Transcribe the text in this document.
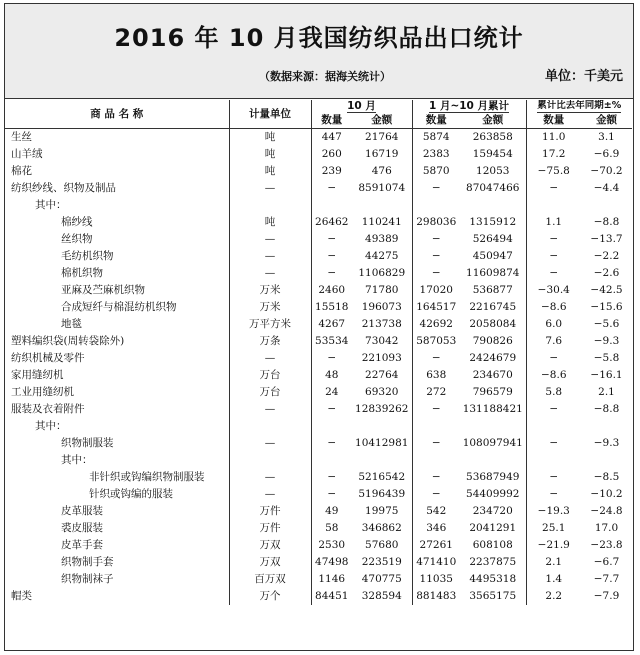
2016 年 10 月我国纺织品出口统计
（数据来源：据海关统计）	单位：千美元
商 品 名 称	计量单位	10 月		1 月~10 月累计		累计比去年同期±%	
		数量	金额	数量	金额	数量	金额
生丝	吨	447	21764	5874	263858	11.0	3.1
山羊绒	吨	260	16719	2383	159454	17.2	−6.9
棉花	吨	239	476	5870	12053	−75.8	−70.2
纺织纱线、织物及制品	—	−	8591074	−	87047466	−	−4.4
其中：							
棉纱线	吨	26462	110241	298036	1315912	1.1	−8.8
丝织物	—	−	49389	−	526494	−	−13.7
毛纺机织物	—	−	44275	−	450947	−	−2.2
棉机织物	—	−	1106829	−	11609874	−	−2.6
亚麻及苎麻机织物	万米	2460	71780	17020	536877	−30.4	−42.5
合成短纤与棉混纺机织物	万米	15518	196073	164517	2216745	−8.6	−15.6
地毯	万平方米	4267	213738	42692	2058084	6.0	−5.6
塑料编织袋(周转袋除外)	万条	53534	73042	587053	790826	7.6	−9.3
纺织机械及零件	—	−	221093	−	2424679	−	−5.8
家用缝纫机	万台	48	22764	638	234670	−8.6	−16.1
工业用缝纫机	万台	24	69320	272	796579	5.8	2.1
服装及衣着附件	—	−	12839262	−	131188421	−	−8.8
其中：							
织物制服装	—	−	10412981	−	108097941	−	−9.3
其中：							
非针织或钩编织物制服装	—	−	5216542	−	53687949	−	−8.5
针织或钩编的服装	—	−	5196439	−	54409992	−	−10.2
皮革服装	万件	49	19975	542	234720	−19.3	−24.8
裘皮服装	万件	58	346862	346	2041291	25.1	17.0
皮革手套	万双	2530	57680	27261	608108	−21.9	−23.8
织物制手套	万双	47498	223519	471410	2237875	2.1	−6.7
织物制袜子	百万双	1146	470775	11035	4495318	1.4	−7.7
帽类	万个	84451	328594	881483	3565175	2.2	−7.9
